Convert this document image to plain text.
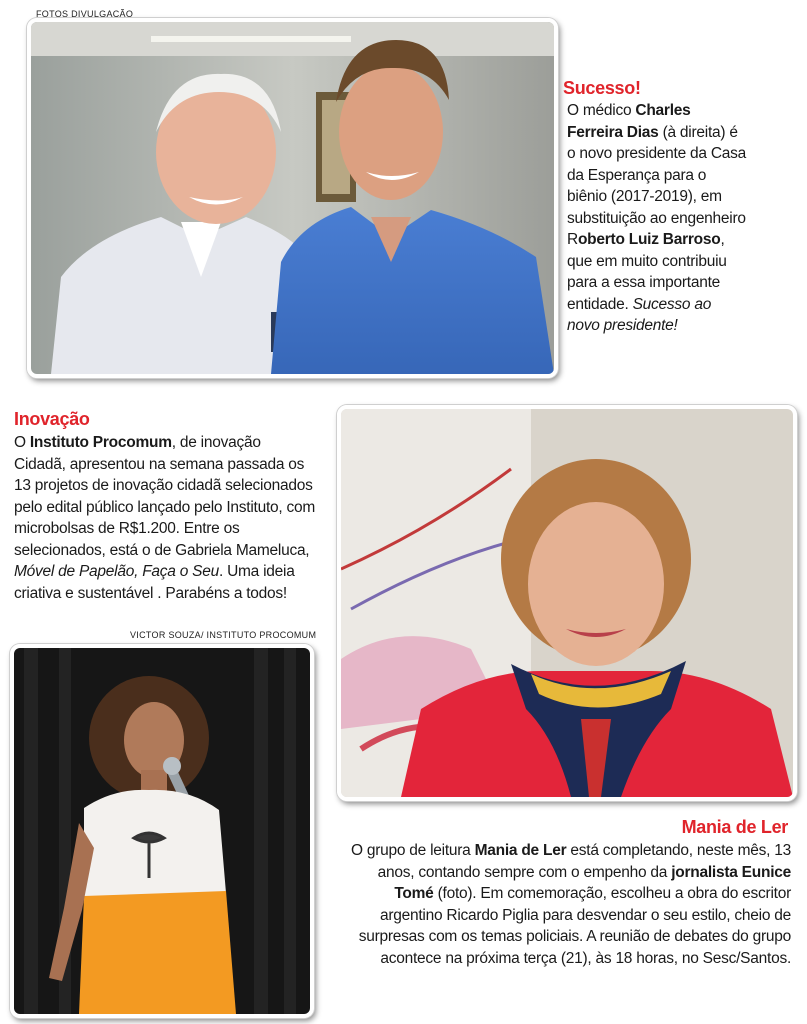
FOTOS DIVULGAÇÃO
Sucesso!
O médico Charles Ferreira Dias (à direita) é o novo presidente da Casa da Esperança para o biênio (2017-2019), em substituição ao engenheiro Roberto Luiz Barroso, que em muito contribuiu para a essa importante entidade. Sucesso ao novo presidente!
Inovação
O Instituto Procomum, de inovação Cidadã, apresentou na semana passada os 13 projetos de inovação cidadã selecionados pelo edital público lançado pelo Instituto, com microbolsas de R$1.200. Entre os selecionados, está o de Gabriela Mameluca, Móvel de Papelão, Faça o Seu. Uma ideia criativa e sustentável . Parabéns a todos!
VICTOR SOUZA/ INSTITUTO PROCOMUM
Mania de Ler
O grupo de leitura Mania de Ler está completando, neste mês, 13 anos, contando sempre com o empenho da jornalista Eunice Tomé (foto). Em comemoração, escolheu a obra do escritor argentino Ricardo Piglia para desvendar o seu estilo, cheio de surpresas com os temas policiais. A reunião de debates do grupo acontece na próxima terça (21), às 18 horas, no Sesc/Santos.
